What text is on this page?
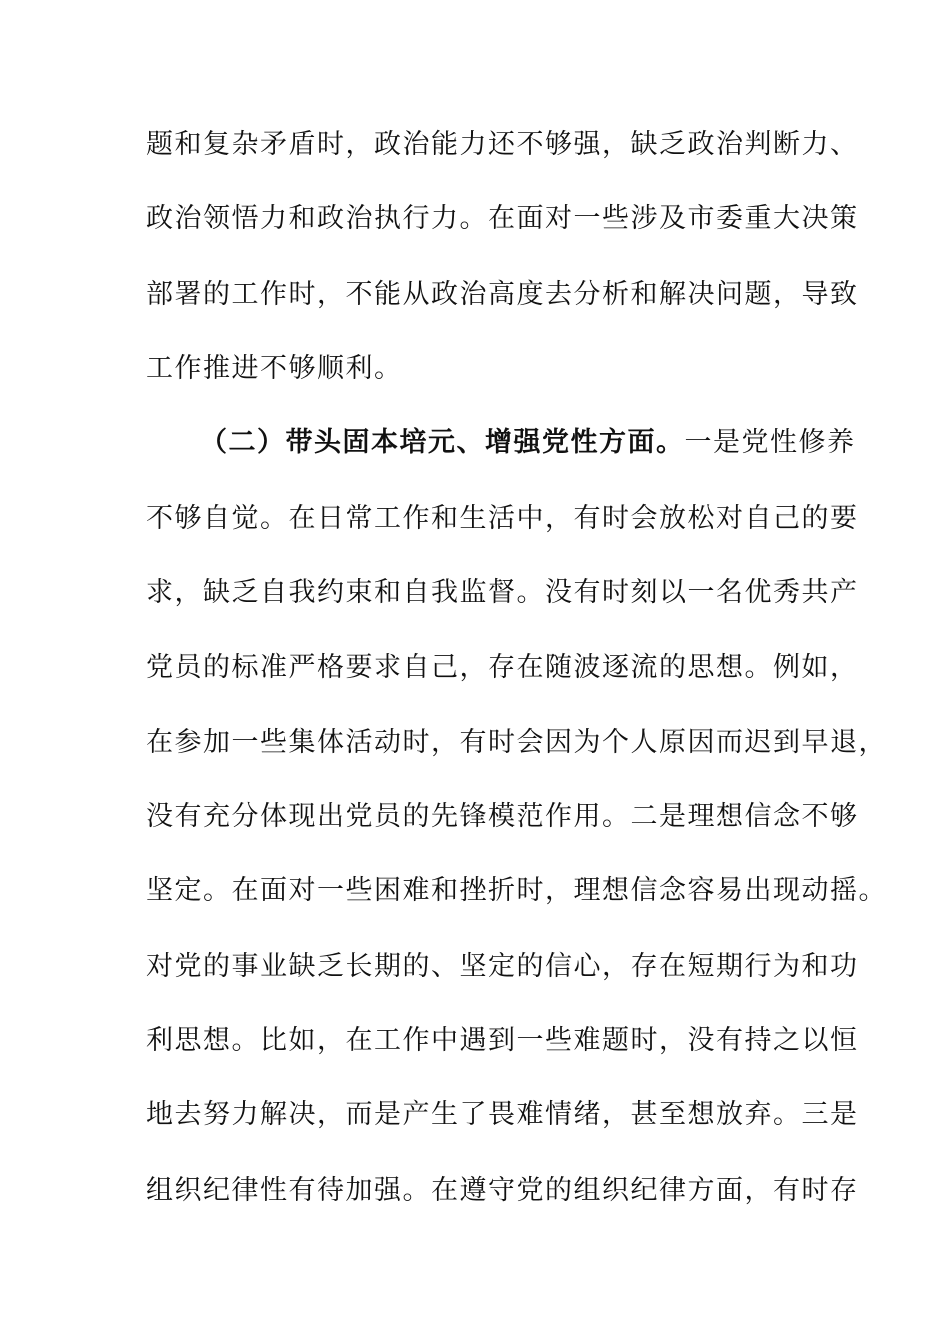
题和复杂矛盾时，政治能力还不够强，缺乏政治判断力、
政治领悟力和政治执行力。在面对一些涉及市委重大决策
部署的工作时，不能从政治高度去分析和解决问题，导致
工作推进不够顺利。
（二）带头固本培元、增强党性方面。一是党性修养
不够自觉。在日常工作和生活中，有时会放松对自己的要
求，缺乏自我约束和自我监督。没有时刻以一名优秀共产
党员的标准严格要求自己，存在随波逐流的思想。例如，
在参加一些集体活动时，有时会因为个人原因而迟到早退，
没有充分体现出党员的先锋模范作用。二是理想信念不够
坚定。在面对一些困难和挫折时，理想信念容易出现动摇。
对党的事业缺乏长期的、坚定的信心，存在短期行为和功
利思想。比如，在工作中遇到一些难题时，没有持之以恒
地去努力解决，而是产生了畏难情绪，甚至想放弃。三是
组织纪律性有待加强。在遵守党的组织纪律方面，有时存
